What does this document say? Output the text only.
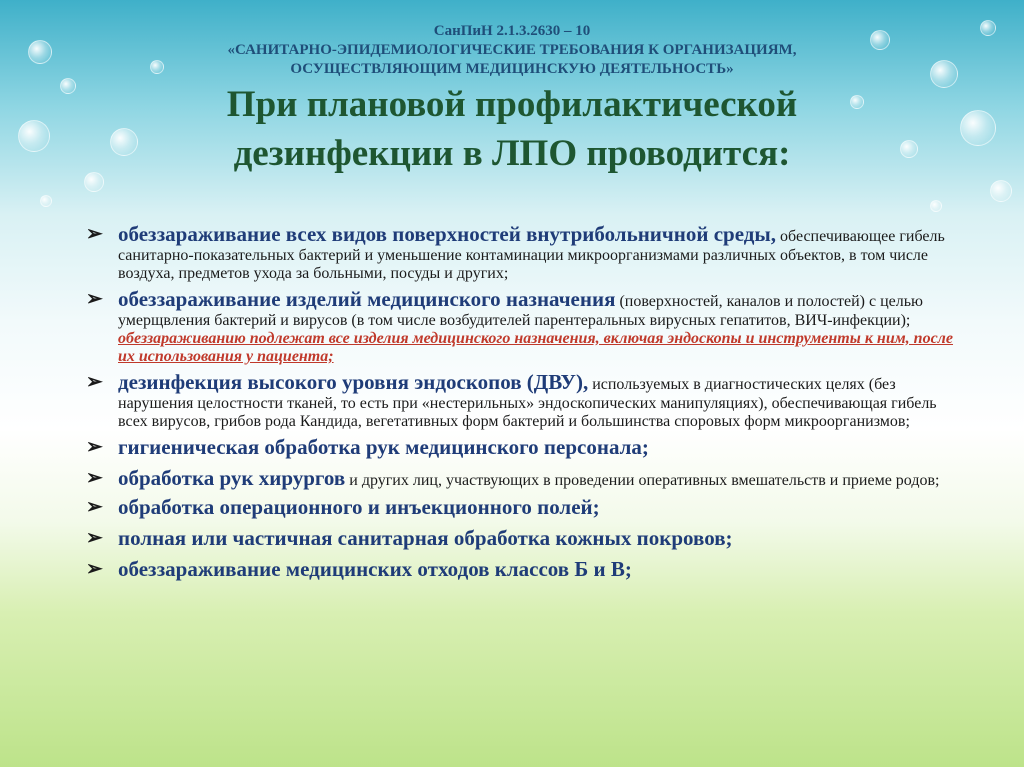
СанПиН 2.1.3.2630 – 10
«САНИТАРНО-ЭПИДЕМИОЛОГИЧЕСКИЕ ТРЕБОВАНИЯ К ОРГАНИЗАЦИЯМ,
ОСУЩЕСТВЛЯЮЩИМ МЕДИЦИНСКУЮ ДЕЯТЕЛЬНОСТЬ»
При плановой профилактической
дезинфекции в ЛПО проводится:
➢ обеззараживание всех видов поверхностей внутрибольничной среды, обеспечивающее гибель санитарно-показательных бактерий и уменьшение контаминации микроорганизмами различных объектов, в том числе воздуха, предметов ухода за больными, посуды и других;
➢ обеззараживание изделий медицинского назначения (поверхностей, каналов и полостей) с целью умерщвления бактерий и вирусов (в том числе возбудителей парентеральных вирусных гепатитов, ВИЧ-инфекции); обеззараживанию подлежат все изделия медицинского назначения, включая эндоскопы и инструменты к ним, после их использования у пациента;
➢ дезинфекция высокого уровня эндоскопов (ДВУ), используемых в диагностических целях (без нарушения целостности тканей, то есть при «нестерильных» эндоскопических манипуляциях), обеспечивающая гибель всех вирусов, грибов рода Кандида, вегетативных форм бактерий и большинства споровых форм микроорганизмов;
➢ гигиеническая обработка рук медицинского персонала;
➢ обработка рук хирургов и других лиц, участвующих в проведении оперативных вмешательств и приеме родов;
➢ обработка операционного и инъекционного полей;
➢ полная или частичная санитарная обработка кожных покровов;
➢ обеззараживание медицинских отходов классов Б и В;
